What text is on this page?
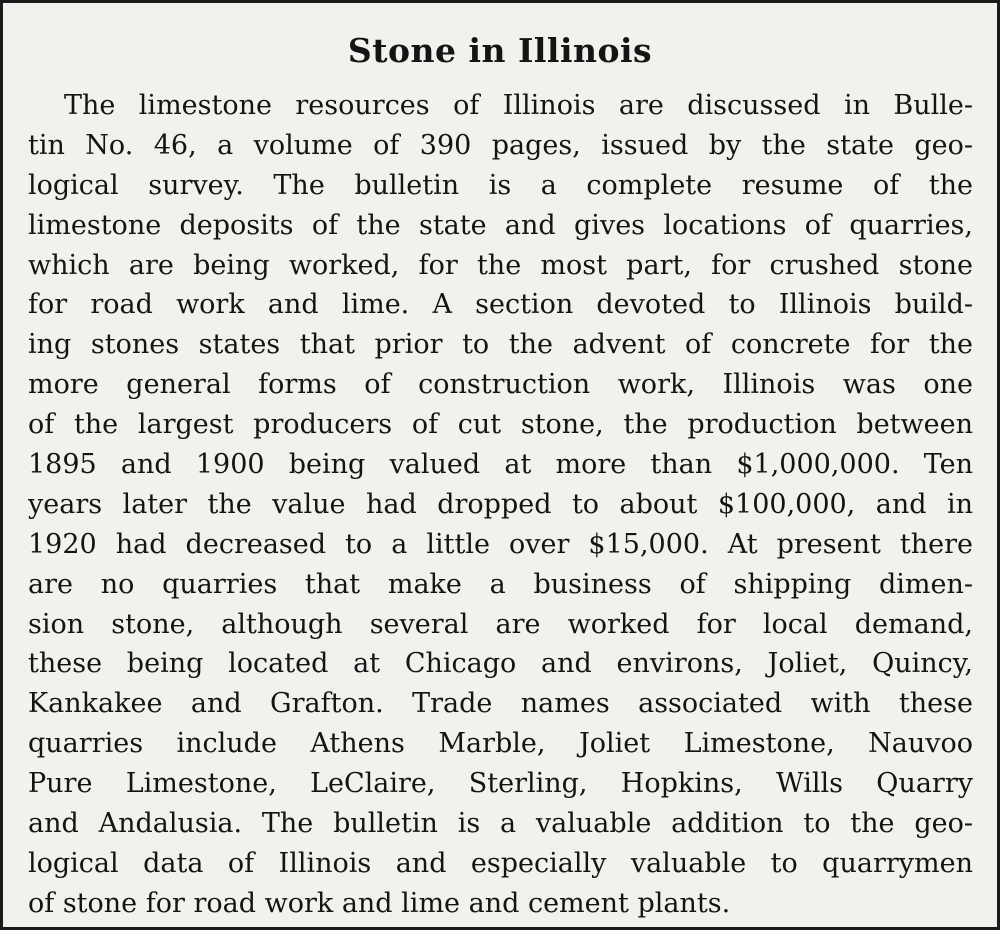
Stone in Illinois
The limestone resources of Illinois are discussed in Bulle-
tin No. 46, a volume of 390 pages, issued by the state geo-
logical survey. The bulletin is a complete resume of the
limestone deposits of the state and gives locations of quarries,
which are being worked, for the most part, for crushed stone
for road work and lime. A section devoted to Illinois build-
ing stones states that prior to the advent of concrete for the
more general forms of construction work, Illinois was one
of the largest producers of cut stone, the production between
1895 and 1900 being valued at more than $1,000,000. Ten
years later the value had dropped to about $100,000, and in
1920 had decreased to a little over $15,000. At present there
are no quarries that make a business of shipping dimen-
sion stone, although several are worked for local demand,
these being located at Chicago and environs, Joliet, Quincy,
Kankakee and Grafton. Trade names associated with these
quarries include Athens Marble, Joliet Limestone, Nauvoo
Pure Limestone, LeClaire, Sterling, Hopkins, Wills Quarry
and Andalusia. The bulletin is a valuable addition to the geo-
logical data of Illinois and especially valuable to quarrymen
of stone for road work and lime and cement plants.
